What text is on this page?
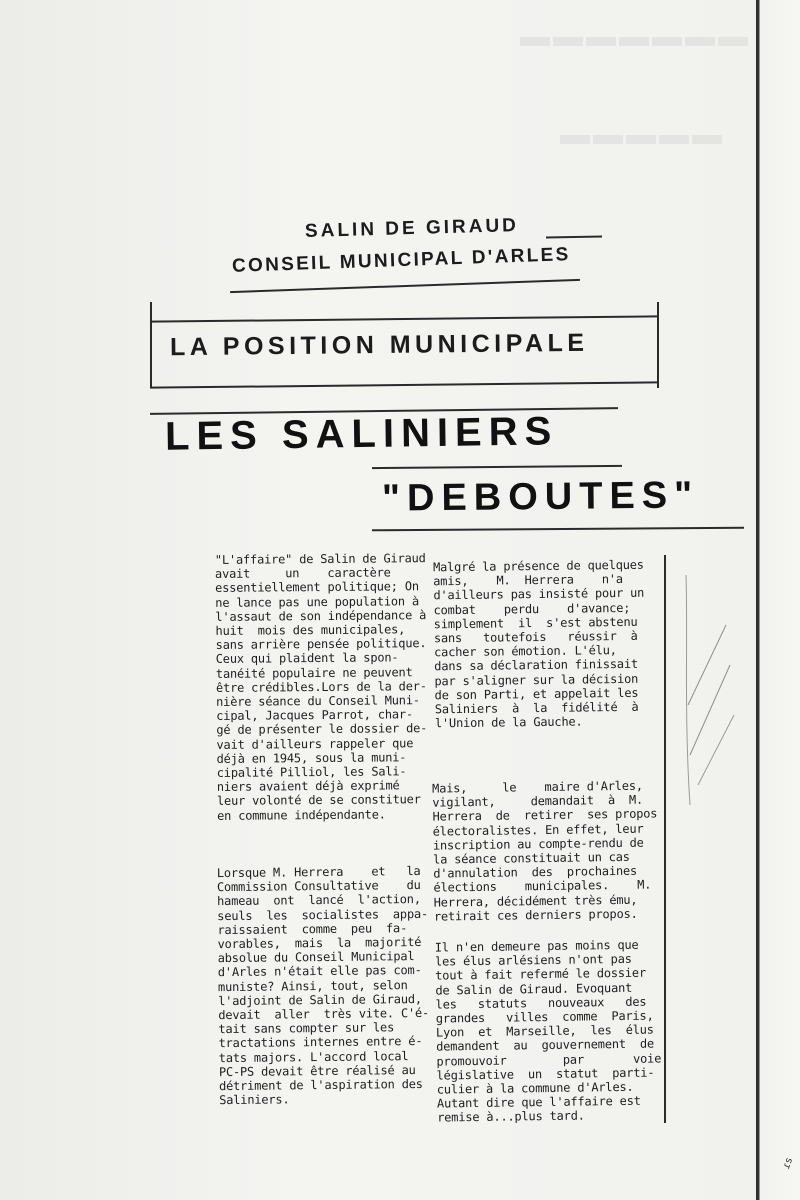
▬▬▬▬▬▬▬
▬▬▬▬▬
SALIN DE GIRAUD
CONSEIL MUNICIPAL D'ARLES
LA POSITION MUNICIPALE
LES SALINIERS
"DEBOUTES"
"L'affaire" de Salin de Giraud
avait     un    caractère
essentiellement politique; On
ne lance pas une population à
l'assaut de son indépendance à
huit  mois des municipales,
sans arrière pensée politique.
Ceux qui plaident la spon-
tanéité populaire ne peuvent
être crédibles.Lors de la der-
nière séance du Conseil Muni-
cipal, Jacques Parrot, char-
gé de présenter le dossier de-
vait d'ailleurs rappeler que
déjà en 1945, sous la muni-
cipalité Pilliol, les Sali-
niers avaient déjà exprimé
leur volonté de se constituer
en commune indépendante.
Lorsque M. Herrera    et   la
Commission Consultative    du
hameau  ont  lancé  l'action,
seuls  les  socialistes  appa-
raissaient  comme  peu  fa-
vorables,  mais  la  majorité
absolue du Conseil Municipal
d'Arles n'était elle pas com-
muniste? Ainsi, tout, selon
l'adjoint de Salin de Giraud,
devait  aller  très vite. C'é-
tait sans compter sur les
tractations internes entre é-
tats majors. L'accord local
PC-PS devait être réalisé au
détriment de l'aspiration des
Saliniers.
Malgré la présence de quelques
amis,    M.  Herrera    n'a
d'ailleurs pas insisté pour un
combat    perdu    d'avance;
simplement  il  s'est abstenu
sans   toutefois   réussir  à
cacher son émotion. L'élu,
dans sa déclaration finissait
par s'aligner sur la décision
de son Parti, et appelait les
Saliniers  à  la  fidélité  à
l'Union de la Gauche.
Mais,     le    maire d'Arles,
vigilant,     demandait  à  M.
Herrera  de  retirer  ses propos
électoralistes. En effet, leur
inscription au compte-rendu de
la séance constituait un cas
d'annulation  des  prochaines
élections    municipales.    M.
Herrera, décidément très ému,
retirait ces derniers propos.
Il n'en demeure pas moins que
les élus arlésiens n'ont pas
tout à fait refermé le dossier
de Salin de Giraud. Evoquant
les   statuts   nouveaux   des
grandes   villes  comme  Paris,
Lyon  et  Marseille,  les  élus
demandent  au  gouvernement  de
promouvoir        par       voie
législative  un  statut  parti-
culier à la commune d'Arles.
Autant dire que l'affaire est
remise à...plus tard.
ɾs
